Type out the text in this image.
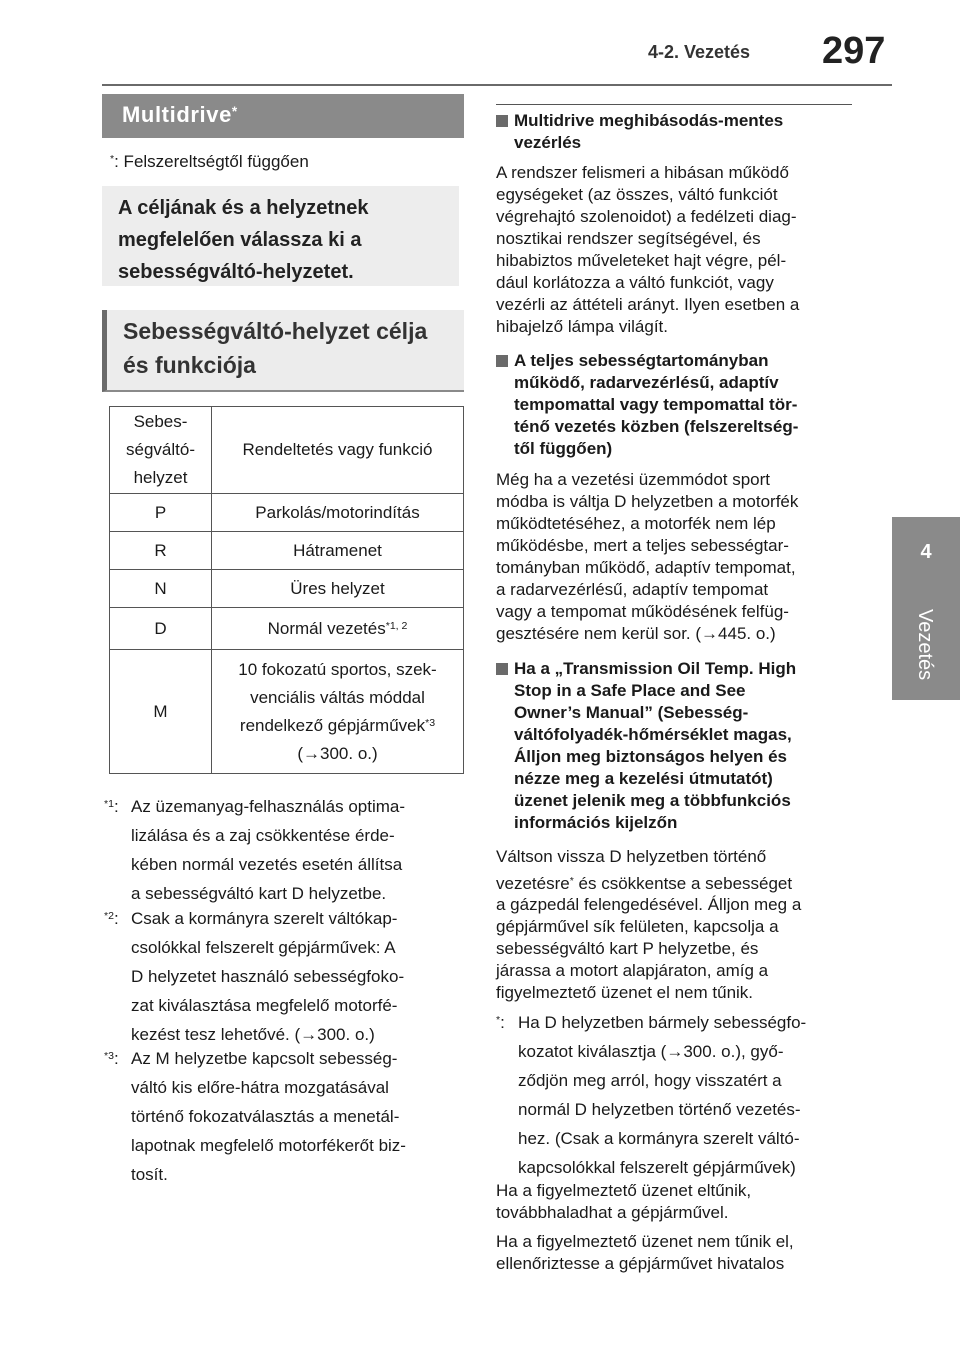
4-2. Vezetés 297
4
Vezetés
Multidrive*
*: Felszereltségtől függően
A céljának és a helyzetnek megfelelően válassza ki a sebességváltó-helyzetet.
Sebességváltó-helyzet célja és funkciója
Sebes-
ségváltó-
helyzet	Rendeltetés vagy funkció
P	Parkolás/motorindítás
R	Hátramenet
N	Üres helyzet
D	Normál vezetés$^{*1, 2}$
M	10 fokozatú sportos, szek-
venciális váltás móddal
rendelkező gépjárművek$^{*3}$
(→300. o.)
$^{*1}$: Az üzemanyag-felhasználás optima-
lizálása és a zaj csökkentése érde-
kében normál vezetés esetén állítsa
a sebességváltó kart D helyzetbe.
$^{*2}$: Csak a kormányra szerelt váltókap-
csolókkal felszerelt gépjárművek: A
D helyzetet használó sebességfoko-
zat kiválasztása megfelelő motorfé-
kezést tesz lehetővé. (→300. o.)
$^{*3}$: Az M helyzetbe kapcsolt sebesség-
váltó kis előre-hátra mozgatásával
történő fokozatválasztás a menetál-
lapotnak megfelelő motorfékerőt biz-
tosít.
Multidrive meghibásodás-mentes
vezérlés
A rendszer felismeri a hibásan működő
egységeket (az összes, váltó funkciót
végrehajtó szolenoidot) a fedélzeti diag-
nosztikai rendszer segítségével, és
hibabiztos műveleteket hajt végre, pél-
dául korlátozza a váltó funkciót, vagy
vezérli az áttételi arányt. Ilyen esetben a
hibajelző lámpa világít.
A teljes sebességtartományban
működő, radarvezérlésű, adaptív
tempomattal vagy tempomattal tör-
ténő vezetés közben (felszereltség-
től függően)
Még ha a vezetési üzemmódot sport
módba is váltja D helyzetben a motorfék
működtetéséhez, a motorfék nem lép
működésbe, mert a teljes sebességtar-
tományban működő, adaptív tempomat,
a radarvezérlésű, adaptív tempomat
vagy a tempomat működésének felfüg-
gesztésére nem kerül sor. (→445. o.)
Ha a „Transmission Oil Temp. High
Stop in a Safe Place and See
Owner’s Manual” (Sebesség-
váltófolyadék-hőmérséklet magas,
Álljon meg biztonságos helyen és
nézze meg a kezelési útmutatót)
üzenet jelenik meg a többfunkciós
információs kijelzőn
Váltson vissza D helyzetben történő
vezetésre* és csökkentse a sebességet
a gázpedál felengedésével. Álljon meg a
gépjárművel sík felületen, kapcsolja a
sebességváltó kart P helyzetbe, és
járassa a motort alapjáraton, amíg a
figyelmeztető üzenet el nem tűnik.
*: Ha D helyzetben bármely sebességfo-
kozatot kiválasztja (→300. o.), győ-
ződjön meg arról, hogy visszatért a
normál D helyzetben történő vezetés-
hez. (Csak a kormányra szerelt váltó-
kapcsolókkal felszerelt gépjárművek)
Ha a figyelmeztető üzenet eltűnik,
továbbhaladhat a gépjárművel.
Ha a figyelmeztető üzenet nem tűnik el,
ellenőriztesse a gépjárművet hivatalos
